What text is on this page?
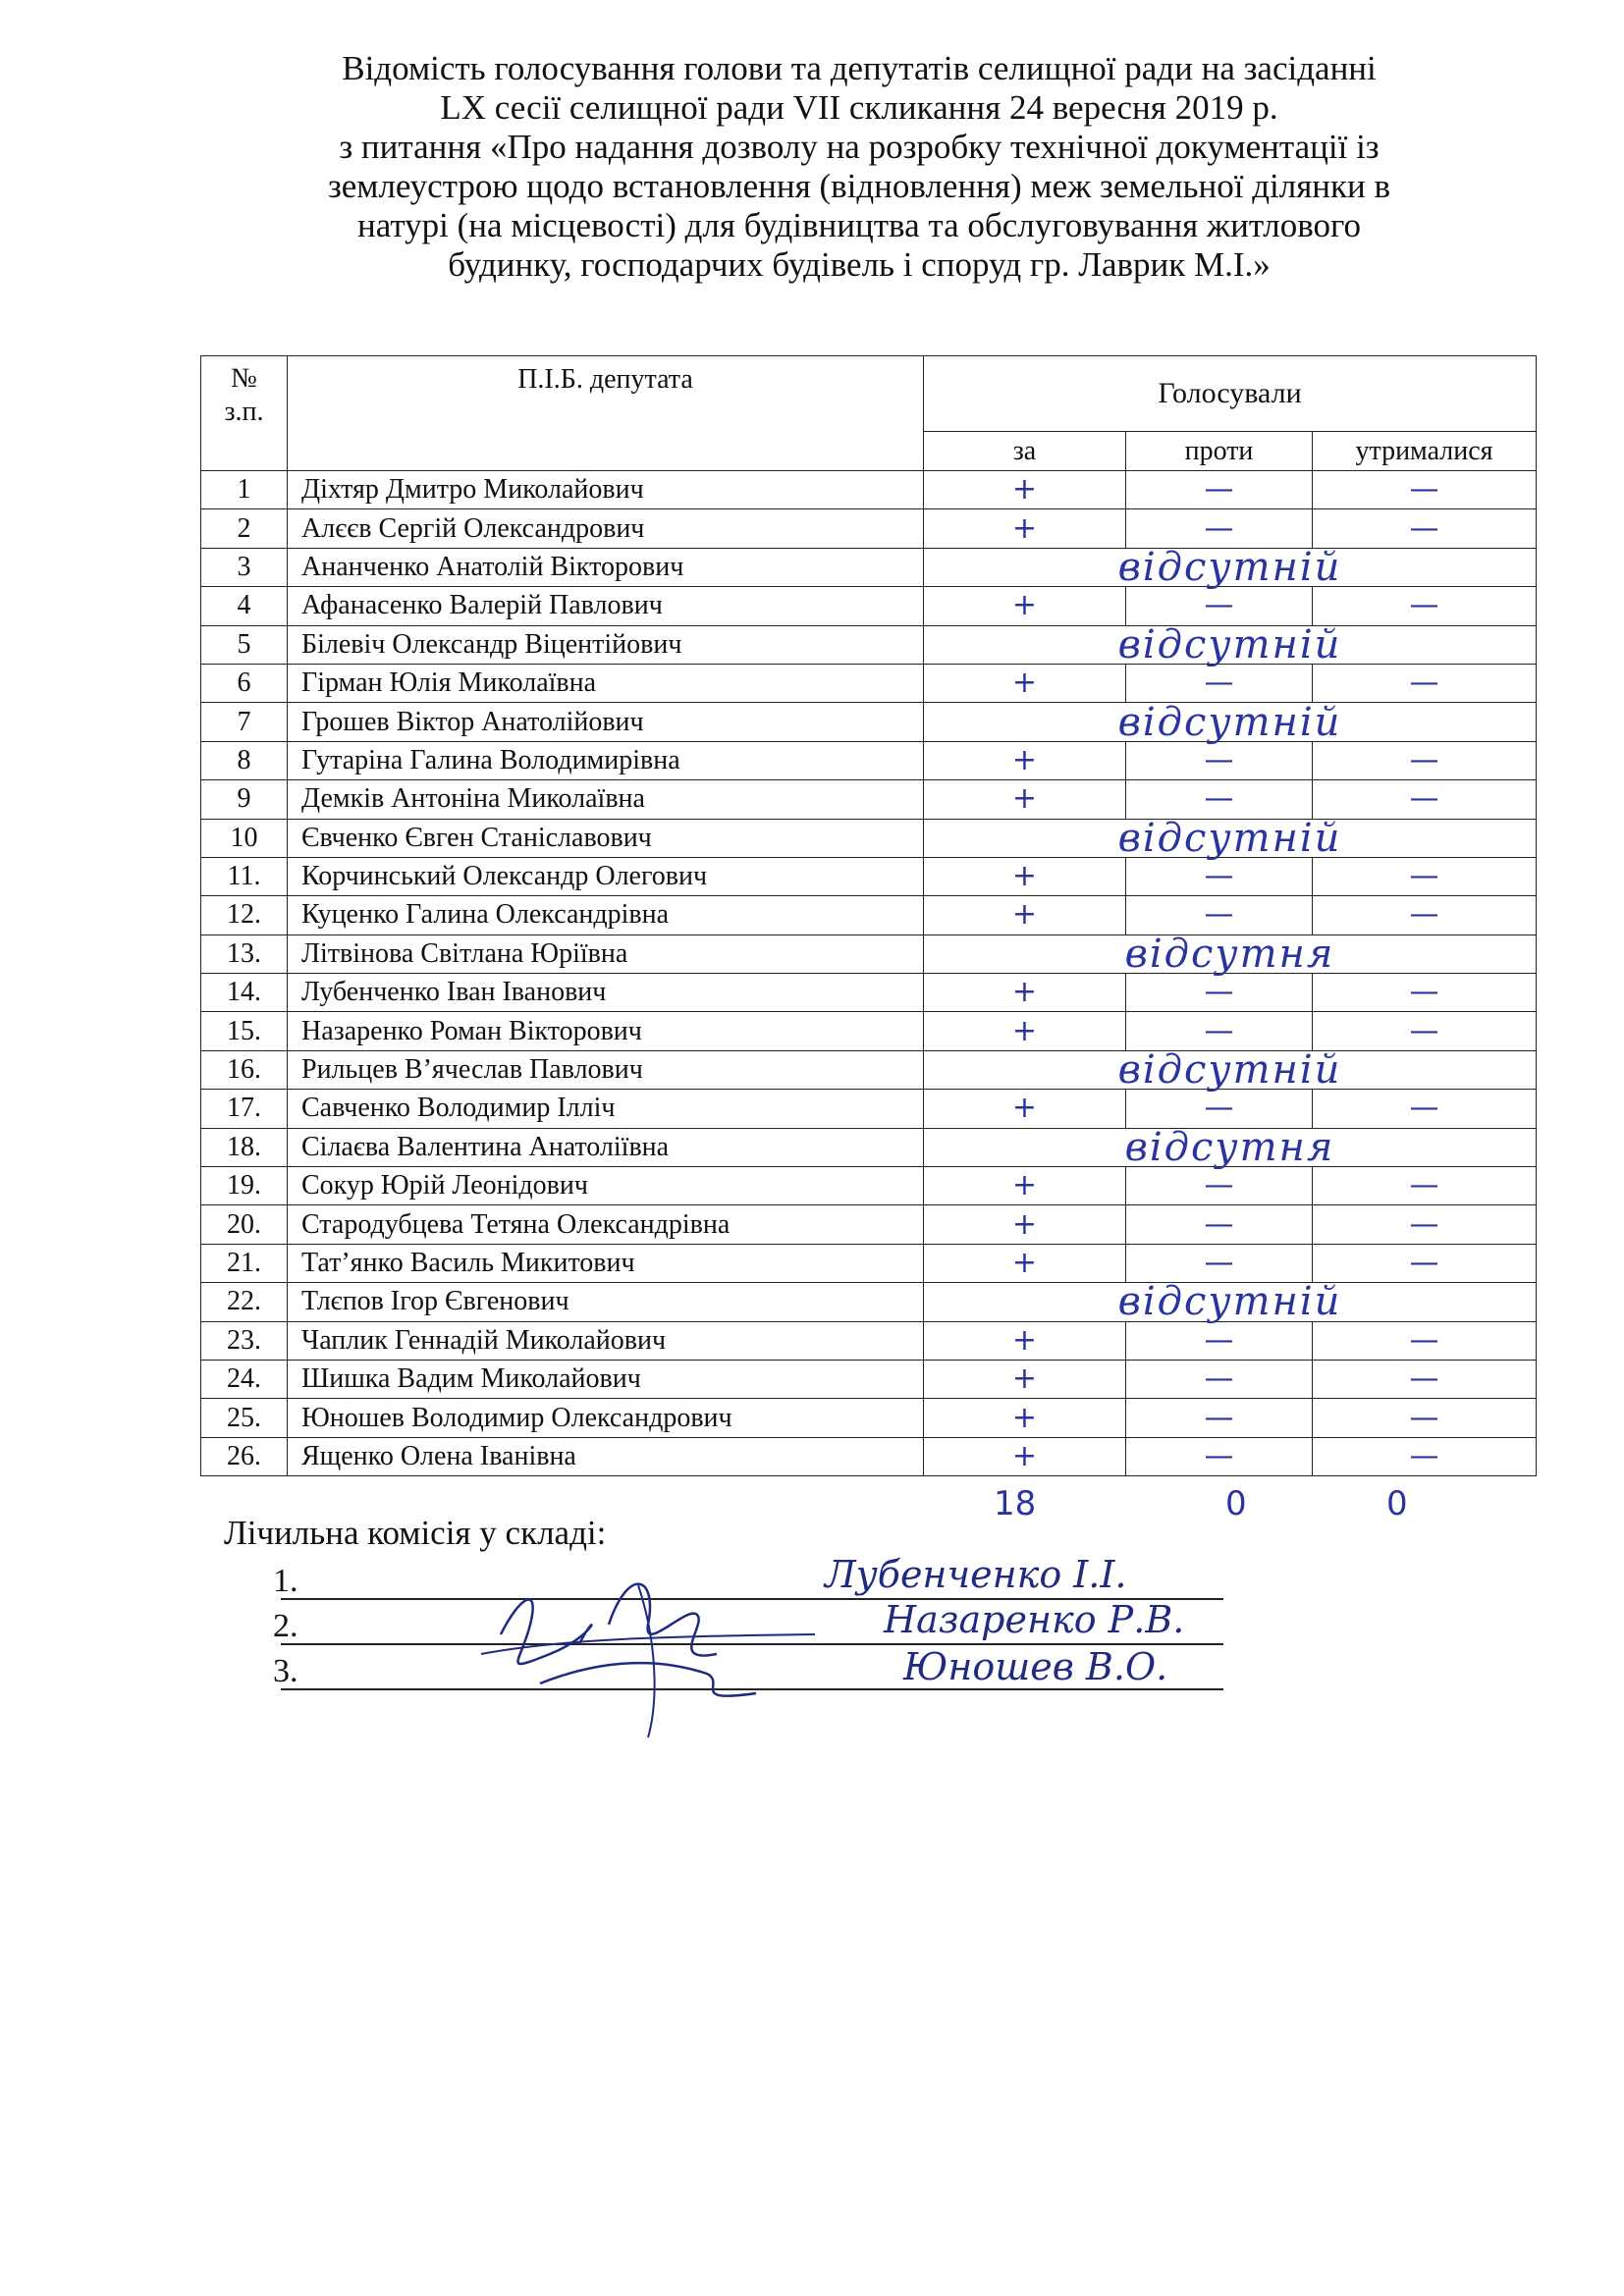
Відомість голосування голови та депутатів селищної ради на засіданні
LX сесії селищної ради VII скликання 24 вересня 2019 р.
з питання «Про надання дозволу на розробку технічної документації із
землеустрою щодо встановлення (відновлення) меж земельної ділянки в
натурі (на місцевості) для будівництва та обслуговування житлового
будинку, господарчих будівель і споруд гр. Лаврик М.І.»
№
з.п.	П.І.Б. депутата	Голосували		
		за	проти	утрималися
1	Діхтяр Дмитро Миколайович	+	—	—
2	Алєєв Сергій Олександрович	+	—	—
3	Ананченко Анатолій Вікторович	відсутній		
4	Афанасенко Валерій Павлович	+	—	—
5	Білевіч Олександр Віцентійович	відсутній		
6	Гірман Юлія Миколаївна	+	—	—
7	Грошев Віктор Анатолійович	відсутній		
8	Гутаріна Галина Володимирівна	+	—	—
9	Демків Антоніна Миколаївна	+	—	—
10	Євченко Євген Станіславович	відсутній		
11.	Корчинський Олександр Олегович	+	—	—
12.	Куценко Галина Олександрівна	+	—	—
13.	Літвінова Світлана Юріївна	відсутня		
14.	Лубенченко Іван Іванович	+	—	—
15.	Назаренко Роман Вікторович	+	—	—
16.	Рильцев В’ячеслав Павлович	відсутній		
17.	Савченко Володимир Ілліч	+	—	—
18.	Сілаєва Валентина Анатоліївна	відсутня		
19.	Сокур Юрій Леонідович	+	—	—
20.	Стародубцева Тетяна Олександрівна	+	—	—
21.	Тат’янко Василь Микитович	+	—	—
22.	Тлєпов Ігор Євгенович	відсутній		
23.	Чаплик Геннадій Миколайович	+	—	—
24.	Шишка Вадим Миколайович	+	—	—
25.	Юношев Володимир Олександрович	+	—	—
26.	Ященко Олена Іванівна	+	—	—
18	0	0
Лічильна комісія у складі:
1.
2.
3.
Лубенченко І.І.
Назаренко Р.В.
Юношев В.О.
